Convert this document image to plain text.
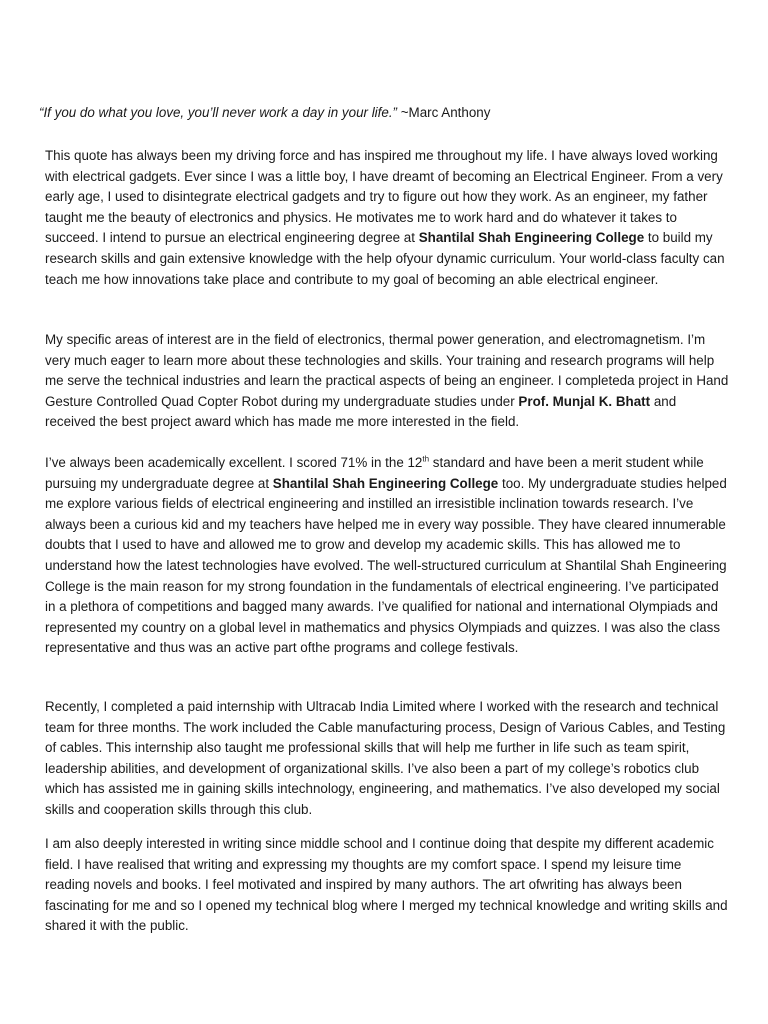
“If you do what you love, you’ll never work a day in your life.” ~Marc Anthony
This quote has always been my driving force and has inspired me throughout my life. I have always loved working with electrical gadgets. Ever since I was a little boy, I have dreamt of becoming an Electrical Engineer. From a very early age, I used to disintegrate electrical gadgets and try to figure out how they work. As an engineer, my father taught me the beauty of electronics and physics. He motivates me to work hard and do whatever it takes to succeed. I intend to pursue an electrical engineering degree at Shantilal Shah Engineering College to build my research skills and gain extensive knowledge with the help ofyour dynamic curriculum. Your world-class faculty can teach me how innovations take place and contribute to my goal of becoming an able electrical engineer.
My specific areas of interest are in the field of electronics, thermal power generation, and electromagnetism. I’m very much eager to learn more about these technologies and skills. Your training and research programs will help me serve the technical industries and learn the practical aspects of being an engineer. I completeda project in Hand Gesture Controlled Quad Copter Robot during my undergraduate studies under Prof. Munjal K. Bhatt and received the best project award which has made me more interested in the field.
I’ve always been academically excellent. I scored 71% in the 12th standard and have been a merit student while pursuing my undergraduate degree at Shantilal Shah Engineering College too. My undergraduate studies helped me explore various fields of electrical engineering and instilled an irresistible inclination towards research. I’ve always been a curious kid and my teachers have helped me in every way possible. They have cleared innumerable doubts that I used to have and allowed me to grow and develop my academic skills. This has allowed me to understand how the latest technologies have evolved. The well-structured curriculum at Shantilal Shah Engineering College is the main reason for my strong foundation in the fundamentals of electrical engineering. I’ve participated in a plethora of competitions and bagged many awards. I’ve qualified for national and international Olympiads and represented my country on a global level in mathematics and physics Olympiads and quizzes. I was also the class representative and thus was an active part ofthe programs and college festivals.
Recently, I completed a paid internship with Ultracab India Limited where I worked with the research and technical team for three months. The work included the Cable manufacturing process, Design of Various Cables, and Testing of cables. This internship also taught me professional skills that will help me further in life such as team spirit, leadership abilities, and development of organizational skills. I’ve also been a part of my college’s robotics club which has assisted me in gaining skills intechnology, engineering, and mathematics. I’ve also developed my social skills and cooperation skills through this club.
I am also deeply interested in writing since middle school and I continue doing that despite my different academic field. I have realised that writing and expressing my thoughts are my comfort space. I spend my leisure time reading novels and books. I feel motivated and inspired by many authors. The art ofwriting has always been fascinating for me and so I opened my technical blog where I merged my technical knowledge and writing skills and shared it with the public.
